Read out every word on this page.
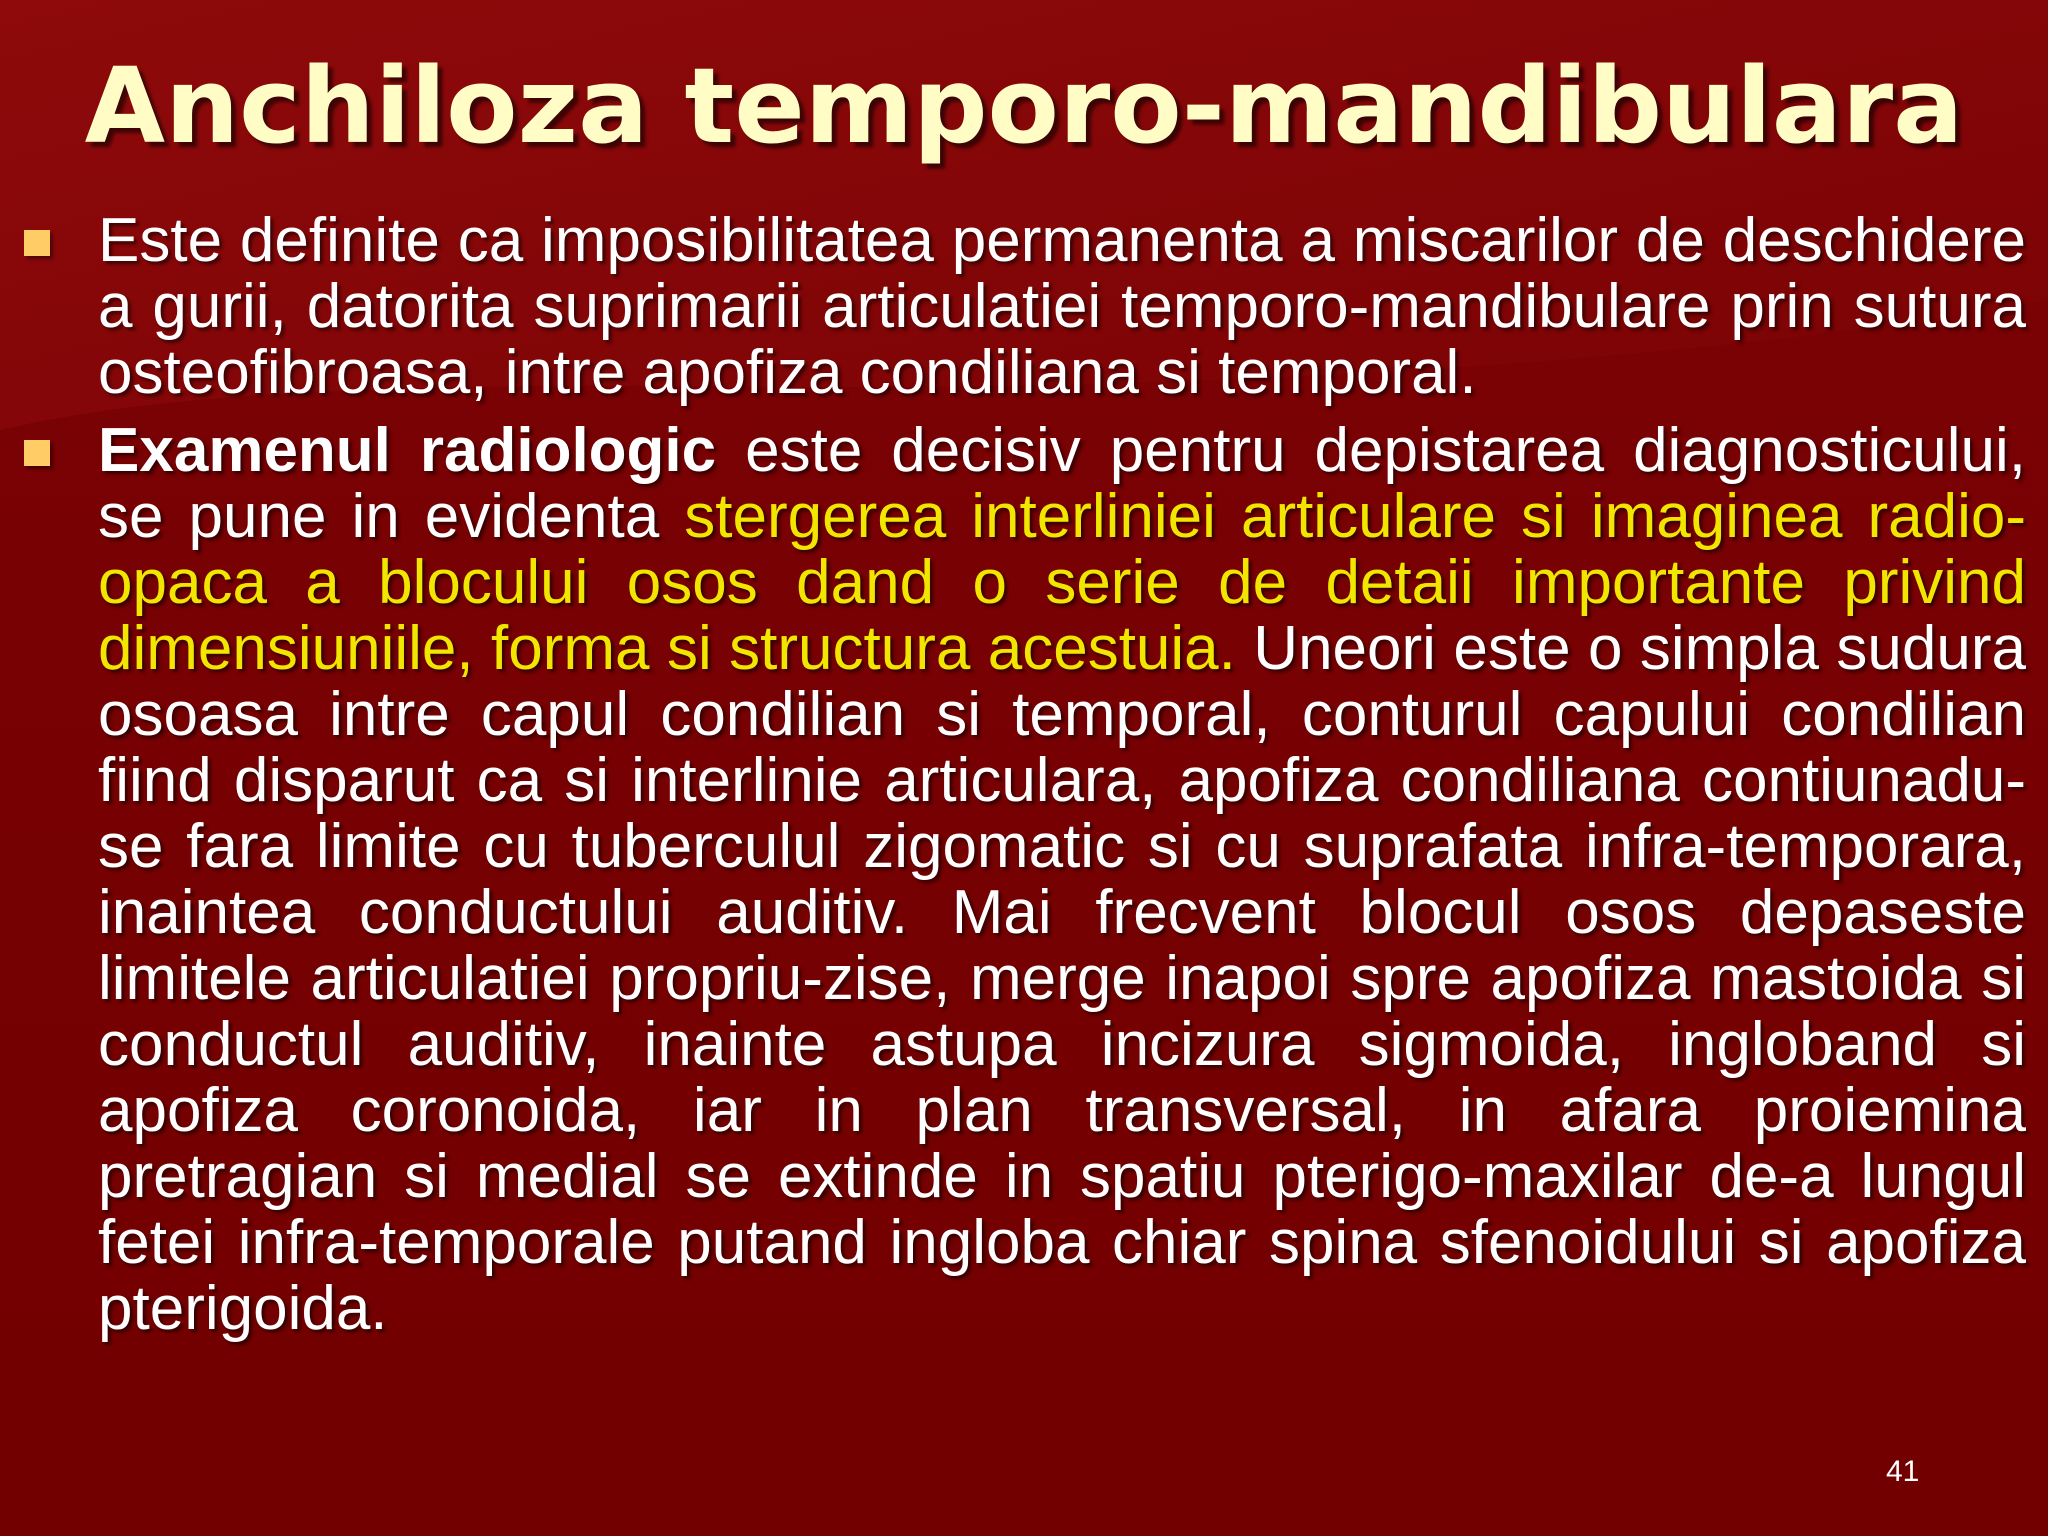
Anchiloza temporo-mandibulara
Este definite ca imposibilitatea permanenta a miscarilor de deschidere a gurii, datorita suprimarii articulatiei temporo-mandibulare prin sutura osteofibroasa, intre apofiza condiliana si temporal.
Examenul radiologic este decisiv pentru depistarea diagnosticului, se pune in evidenta stergerea interliniei articulare si imaginea radio-opaca a blocului osos dand o serie de detaii importante privind dimensiuniile, forma si structura acestuia. Uneori este o simpla sudura osoasa intre capul condilian si temporal, conturul capului condilian fiind disparut ca si interlinie articulara, apofiza condiliana contiunadu-se fara limite cu tuberculul zigomatic si cu suprafata infra-temporara, inaintea conductului auditiv. Mai frecvent blocul osos depaseste limitele articulatiei propriu-zise, merge inapoi spre apofiza mastoida si conductul auditiv, inainte astupa incizura sigmoida, ingloband si apofiza coronoida, iar in plan transversal, in afara proiemina pretragian si medial se extinde in spatiu pterigo-maxilar de-a lungul fetei infra-temporale putand ingloba chiar spina sfenoidului si apofiza pterigoida.
41
